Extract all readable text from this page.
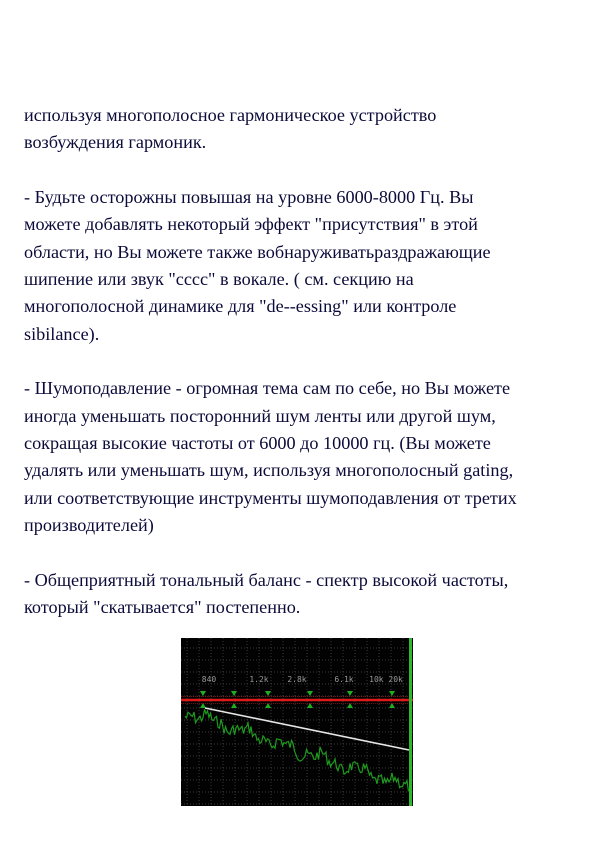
используя многополосное гармоническое устройство
возбуждения гармоник.

- Будьте осторожны повышая на уровне 6000-8000 Гц. Вы
можете добавлять некоторый эффект "присутствия" в этой
области, но Вы можете также вобнаруживатьраздражающие
шипение или звук "сссс" в вокале. ( см. секцию на
многополосной динамике для "de--essing" или контроле
sibilance).

- Шумоподавление - огромная тема сам по себе, но Вы можете
иногда уменьшать посторонний шум ленты или другой шум,
сокращая высокие частоты от 6000 до 10000 гц. (Вы можете
удалять или уменьшать шум, используя многополосный gating,
или соответствующие инструменты шумоподавления от третих
производителей)

- Общеприятный тональный баланс - спектр высокой частоты,
который "скатывается" постепенно.

840	1.2k 2.8k	6.1k 10k 20k
